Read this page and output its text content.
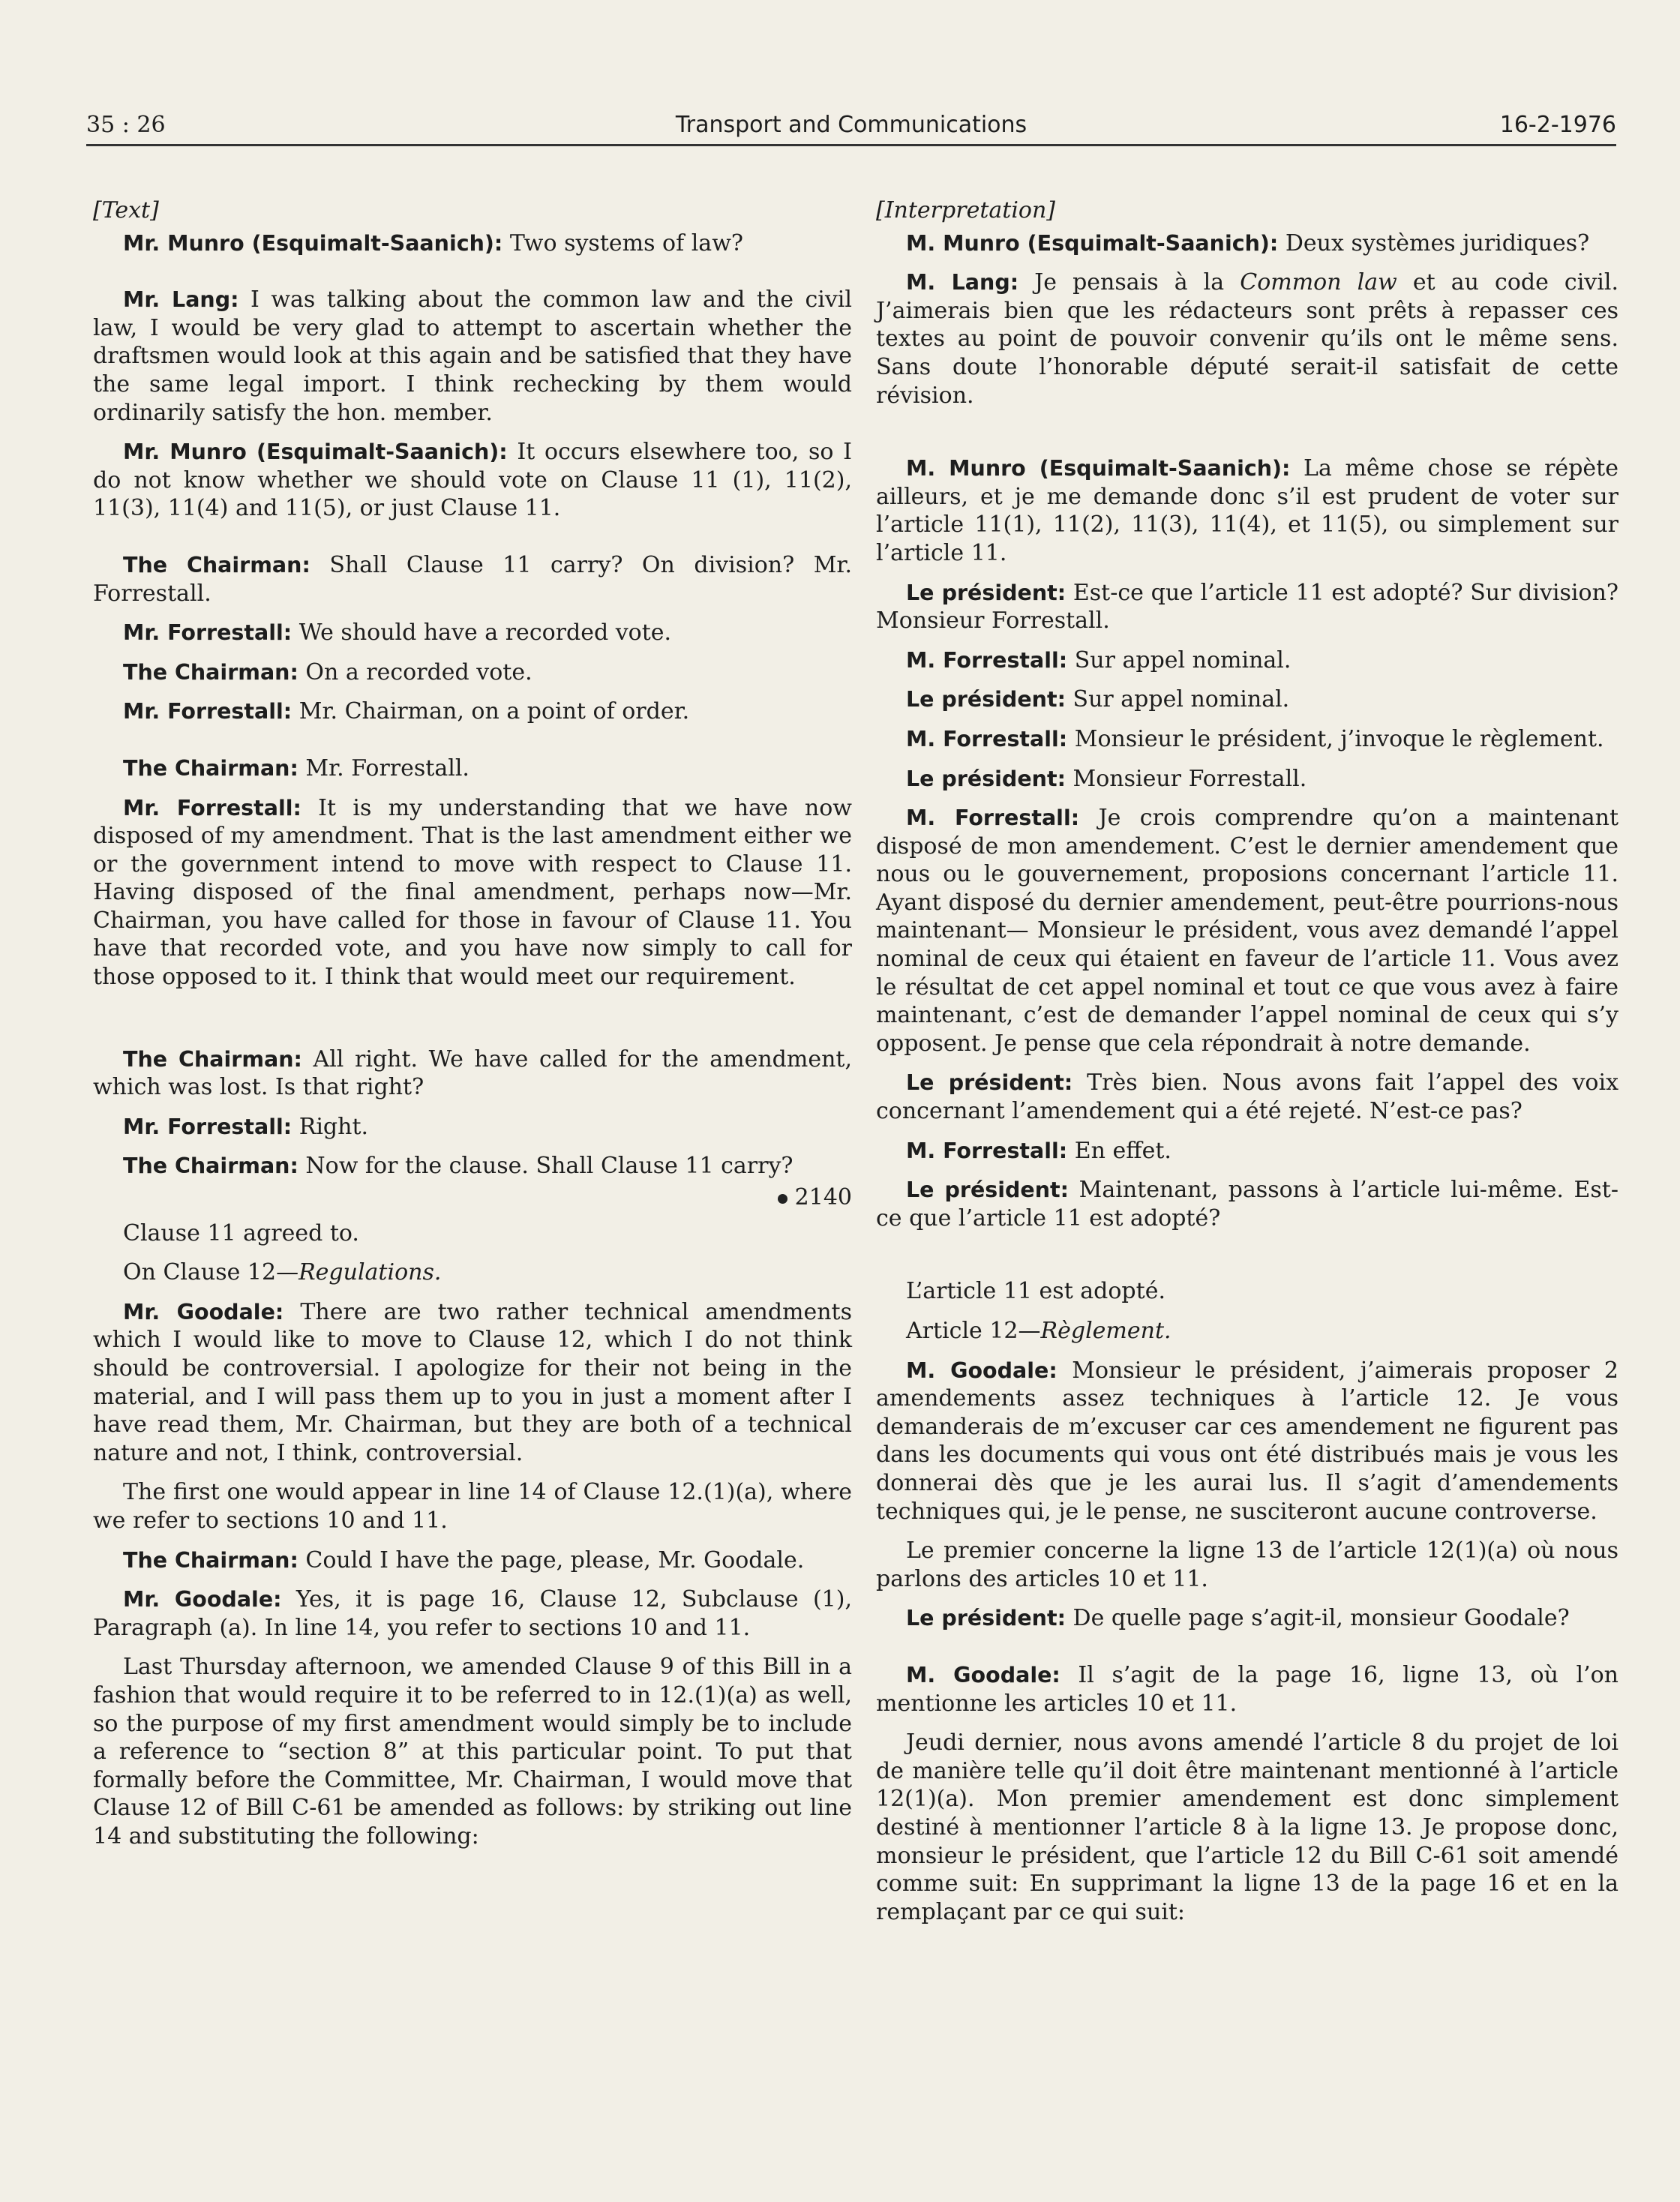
35 : 26	Transport and Communications	16-2-1976
[Text]

Mr. Munro (Esquimalt-Saanich): Two systems of law?

Mr. Lang: I was talking about the common law and the civil law, I would be very glad to attempt to ascertain whether the draftsmen would look at this again and be satisfied that they have the same legal import. I think rechecking by them would ordinarily satisfy the hon. member.

Mr. Munro (Esquimalt-Saanich): It occurs elsewhere too, so I do not know whether we should vote on Clause 11 (1), 11(2), 11(3), 11(4) and 11(5), or just Clause 11.

The Chairman: Shall Clause 11 carry? On division? Mr. Forrestall.

Mr. Forrestall: We should have a recorded vote.

The Chairman: On a recorded vote.

Mr. Forrestall: Mr. Chairman, on a point of order.

The Chairman: Mr. Forrestall.

Mr. Forrestall: It is my understanding that we have now disposed of my amendment. That is the last amendment either we or the government intend to move with respect to Clause 11. Having disposed of the final amendment, perhaps now—Mr. Chairman, you have called for those in favour of Clause 11. You have that recorded vote, and you have now simply to call for those opposed to it. I think that would meet our requirement.

The Chairman: All right. We have called for the amendment, which was lost. Is that right?

Mr. Forrestall: Right.

The Chairman: Now for the clause. Shall Clause 11 carry?

2140

Clause 11 agreed to.

On Clause 12—Regulations.

Mr. Goodale: There are two rather technical amendments which I would like to move to Clause 12, which I do not think should be controversial. I apologize for their not being in the material, and I will pass them up to you in just a moment after I have read them, Mr. Chairman, but they are both of a technical nature and not, I think, controversial.

The first one would appear in line 14 of Clause 12.(1)(a), where we refer to sections 10 and 11.

The Chairman: Could I have the page, please, Mr. Goodale.

Mr. Goodale: Yes, it is page 16, Clause 12, Subclause (1), Paragraph (a). In line 14, you refer to sections 10 and 11.

Last Thursday afternoon, we amended Clause 9 of this Bill in a fashion that would require it to be referred to in 12.(1)(a) as well, so the purpose of my first amendment would simply be to include a reference to “section 8” at this particular point. To put that formally before the Committee, Mr. Chairman, I would move that Clause 12 of Bill C-61 be amended as follows: by striking out line 14 and substituting the following:

[Interpretation]

M. Munro (Esquimalt-Saanich): Deux systèmes juridiques?

M. Lang: Je pensais à la Common law et au code civil. J’aimerais bien que les rédacteurs sont prêts à repasser ces textes au point de pouvoir convenir qu’ils ont le même sens. Sans doute l’honorable député serait-il satisfait de cette révision.

M. Munro (Esquimalt-Saanich): La même chose se répète ailleurs, et je me demande donc s’il est prudent de voter sur l’article 11(1), 11(2), 11(3), 11(4), et 11(5), ou simplement sur l’article 11.

Le président: Est-ce que l’article 11 est adopté? Sur division? Monsieur Forrestall.

M. Forrestall: Sur appel nominal.

Le président: Sur appel nominal.

M. Forrestall: Monsieur le président, j’invoque le règlement.

Le président: Monsieur Forrestall.

M. Forrestall: Je crois comprendre qu’on a maintenant disposé de mon amendement. C’est le dernier amendement que nous ou le gouvernement, proposions concernant l’article 11. Ayant disposé du dernier amendement, peut-être pourrions-nous maintenant— Monsieur le président, vous avez demandé l’appel nominal de ceux qui étaient en faveur de l’article 11. Vous avez le résultat de cet appel nominal et tout ce que vous avez à faire maintenant, c’est de demander l’appel nominal de ceux qui s’y opposent. Je pense que cela répondrait à notre demande.

Le président: Très bien. Nous avons fait l’appel des voix concernant l’amendement qui a été rejeté. N’est-ce pas?

M. Forrestall: En effet.

Le président: Maintenant, passons à l’article lui-même. Est-ce que l’article 11 est adopté?

L’article 11 est adopté.

Article 12—Règlement.

M. Goodale: Monsieur le président, j’aimerais proposer 2 amendements assez techniques à l’article 12. Je vous demanderais de m’excuser car ces amendement ne figurent pas dans les documents qui vous ont été distribués mais je vous les donnerai dès que je les aurai lus. Il s’agit d’amendements techniques qui, je le pense, ne susciteront aucune controverse.

Le premier concerne la ligne 13 de l’article 12(1)(a) où nous parlons des articles 10 et 11.

Le président: De quelle page s’agit-il, monsieur Goodale?

M. Goodale: Il s’agit de la page 16, ligne 13, où l’on mentionne les articles 10 et 11.

Jeudi dernier, nous avons amendé l’article 8 du projet de loi de manière telle qu’il doit être maintenant mentionné à l’article 12(1)(a). Mon premier amendement est donc simplement destiné à mentionner l’article 8 à la ligne 13. Je propose donc, monsieur le président, que l’article 12 du Bill C-61 soit amendé comme suit: En supprimant la ligne 13 de la page 16 et en la remplaçant par ce qui suit:
